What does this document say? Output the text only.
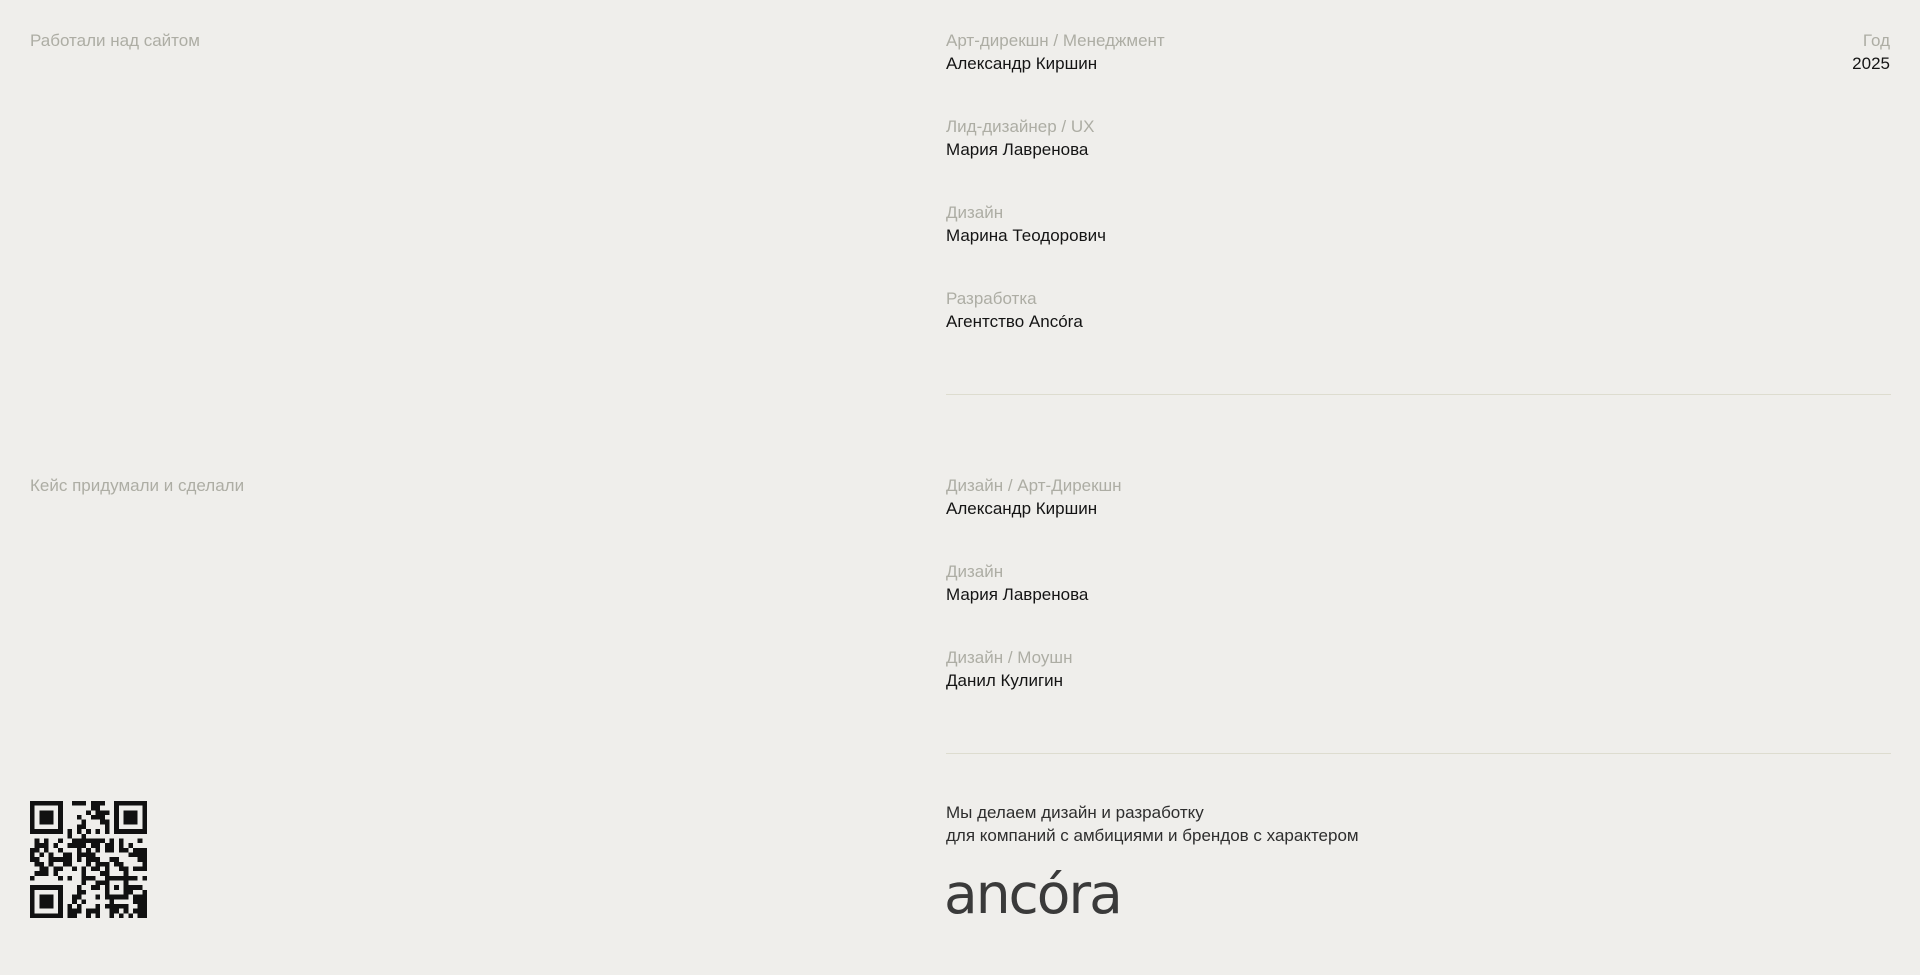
Работали над сайтом	Год
2025
Арт-дирекшн / Менеджмент
Александр Киршин
Лид-дизайнер / UX
Мария Лавренова
Дизайн
Марина Теодорович
Разработка
Агентство Ancóra
Кейс придумали и сделали	Дизайн / Арт-Дирекшн
Александр Киршин
Дизайн
Мария Лавренова
Дизайн / Моушн
Данил Кулигин
Мы делаем дизайн и разработку
для компаний с амбициями и брендов с характером
ancóra
